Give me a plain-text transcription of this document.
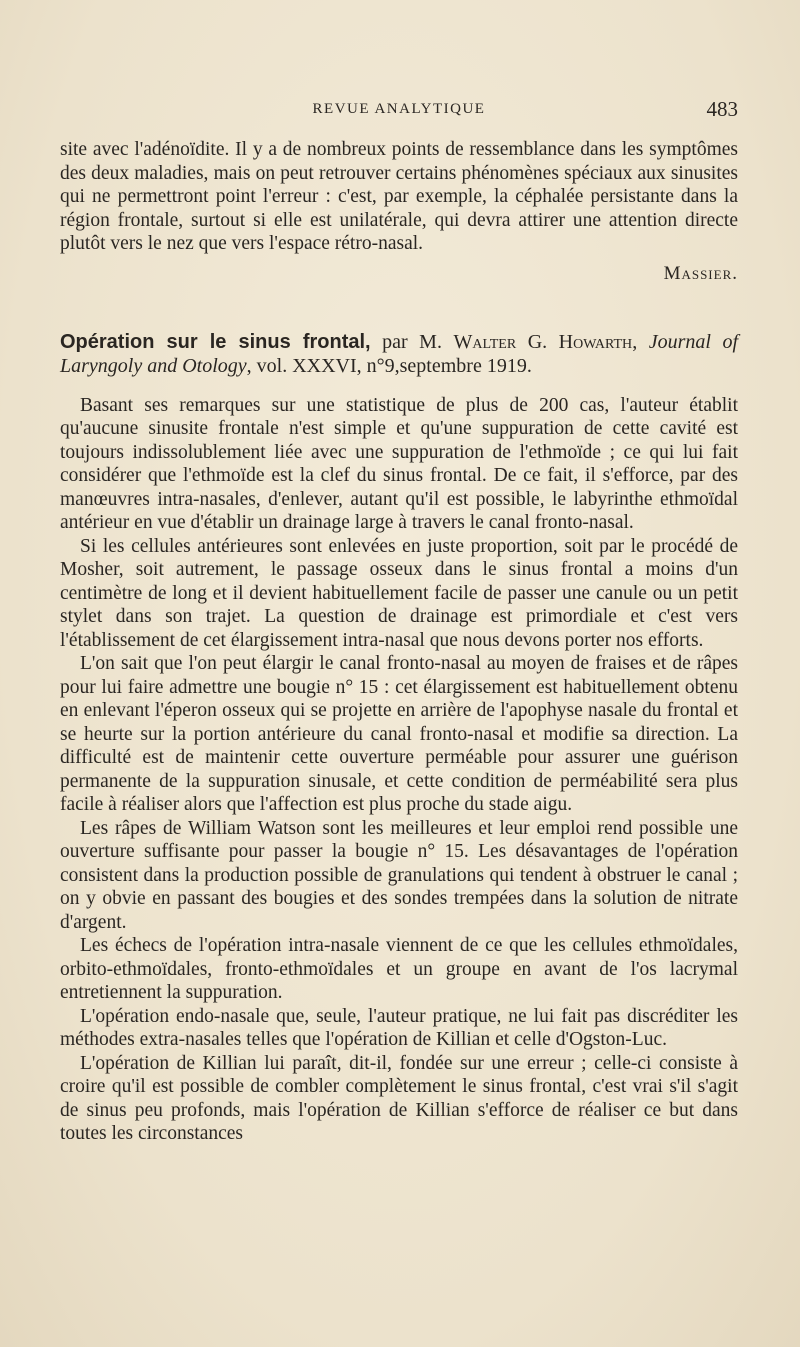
REVUE ANALYTIQUE	483

site avec l'adénoïdite. Il y a de nombreux points de ressemblance dans les symptômes des deux maladies, mais on peut retrouver certains phénomènes spéciaux aux sinusites qui ne permettront point l'erreur : c'est, par exemple, la céphalée persistante dans la région frontale, surtout si elle est unilatérale, qui devra attirer une attention directe plutôt vers le nez que vers l'espace rétro-nasal.

Massier.
Opération sur le sinus frontal, par M. Walter G. Howarth, Journal of Laryngoly and Otology, vol. XXXVI, n°9,septembre 1919.

Basant ses remarques sur une statistique de plus de 200 cas, l'auteur établit qu'aucune sinusite frontale n'est simple et qu'une suppuration de cette cavité est toujours indissolublement liée avec une suppuration de l'ethmoïde ; ce qui lui fait considérer que l'ethmoïde est la clef du sinus frontal. De ce fait, il s'efforce, par des manœuvres intra-nasales, d'enlever, autant qu'il est possible, le labyrinthe ethmoïdal antérieur en vue d'établir un drainage large à travers le canal fronto-nasal.

Si les cellules antérieures sont enlevées en juste proportion, soit par le procédé de Mosher, soit autrement, le passage osseux dans le sinus frontal a moins d'un centimètre de long et il devient habituellement facile de passer une canule ou un petit stylet dans son trajet. La question de drainage est primordiale et c'est vers l'établissement de cet élargissement intra-nasal que nous devons porter nos efforts.

L'on sait que l'on peut élargir le canal fronto-nasal au moyen de fraises et de râpes pour lui faire admettre une bougie n° 15 : cet élargissement est habituellement obtenu en enlevant l'éperon osseux qui se projette en arrière de l'apophyse nasale du frontal et se heurte sur la portion antérieure du canal fronto-nasal et modifie sa direction. La difficulté est de maintenir cette ouverture perméable pour assurer une guérison permanente de la suppuration sinusale, et cette condition de perméabilité sera plus facile à réaliser alors que l'affection est plus proche du stade aigu.

Les râpes de William Watson sont les meilleures et leur emploi rend possible une ouverture suffisante pour passer la bougie n° 15. Les désavantages de l'opération consistent dans la production possible de granulations qui tendent à obstruer le canal ; on y obvie en passant des bougies et des sondes trempées dans la solution de nitrate d'argent.

Les échecs de l'opération intra-nasale viennent de ce que les cellules ethmoïdales, orbito-ethmoïdales, fronto-ethmoïdales et un groupe en avant de l'os lacrymal entretiennent la suppuration.

L'opération endo-nasale que, seule, l'auteur pratique, ne lui fait pas discréditer les méthodes extra-nasales telles que l'opération de Killian et celle d'Ogston-Luc.

L'opération de Killian lui paraît, dit-il, fondée sur une erreur ; celle-ci consiste à croire qu'il est possible de combler complètement le sinus frontal, c'est vrai s'il s'agit de sinus peu profonds, mais l'opération de Killian s'efforce de réaliser ce but dans toutes les circonstances
